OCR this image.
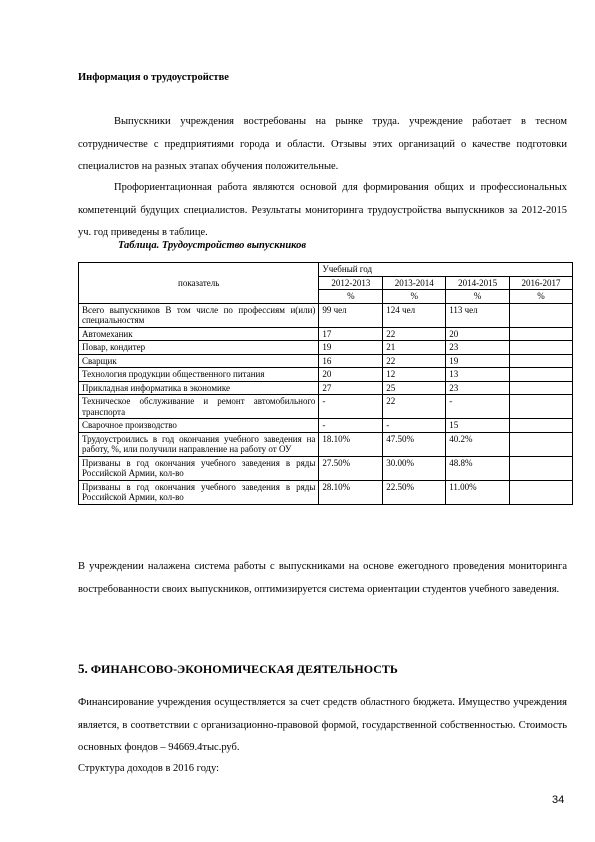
Информация о трудоустройстве
Выпускники учреждения востребованы на рынке труда. учреждение работает в тесном сотрудничестве с предприятиями города и области. Отзывы этих организаций о качестве подготовки специалистов на разных этапах обучения положительные.
Профориентационная работа являются основой для формирования общих и профессиональных компетенций будущих специалистов. Результаты мониторинга трудоустройства выпускников за 2012-2015 уч. год приведены в таблице.
Таблица. Трудоустройство выпускников
показатель	Учебный год			
	2012-2013	2013-2014	2014-2015	2016-2017
	%	%	%	%
Всего выпускников В том числе по профессиям и(или) специальностям	99 чел	124 чел	113 чел	
Автомеханик	17	22	20	
Повар, кондитер	19	21	23	
Сварщик	16	22	19	
Технология продукции общественного питания	20	12	13	
Прикладная информатика в экономике	27	25	23	
Техническое обслуживание и ремонт автомобильного транспорта	-	22	-	
Сварочное производство	-	-	15	
Трудоустроились в год окончания учебного заведения на работу, %, или получили направление на работу от ОУ	18.10%	47.50%	40.2%	
Призваны в год окончания учебного заведения в ряды Российской Армии, кол-во	27.50%	30.00%	48.8%	
Призваны в год окончания учебного заведения в ряды Российской Армии, кол-во	28.10%	22.50%	11.00%	
В учреждении налажена система работы с выпускниками на основе ежегодного проведения мониторинга востребованности своих выпускников, оптимизируется система ориентации студентов учебного заведения.
5. ФИНАНСОВО-ЭКОНОМИЧЕСКАЯ ДЕЯТЕЛЬНОСТЬ
Финансирование учреждения осуществляется за счет средств областного бюджета. Имущество учреждения является, в соответствии с организационно-правовой формой, государственной собственностью. Стоимость основных фондов – 94669.4тыс.руб.
Структура доходов в 2016 году:
34
